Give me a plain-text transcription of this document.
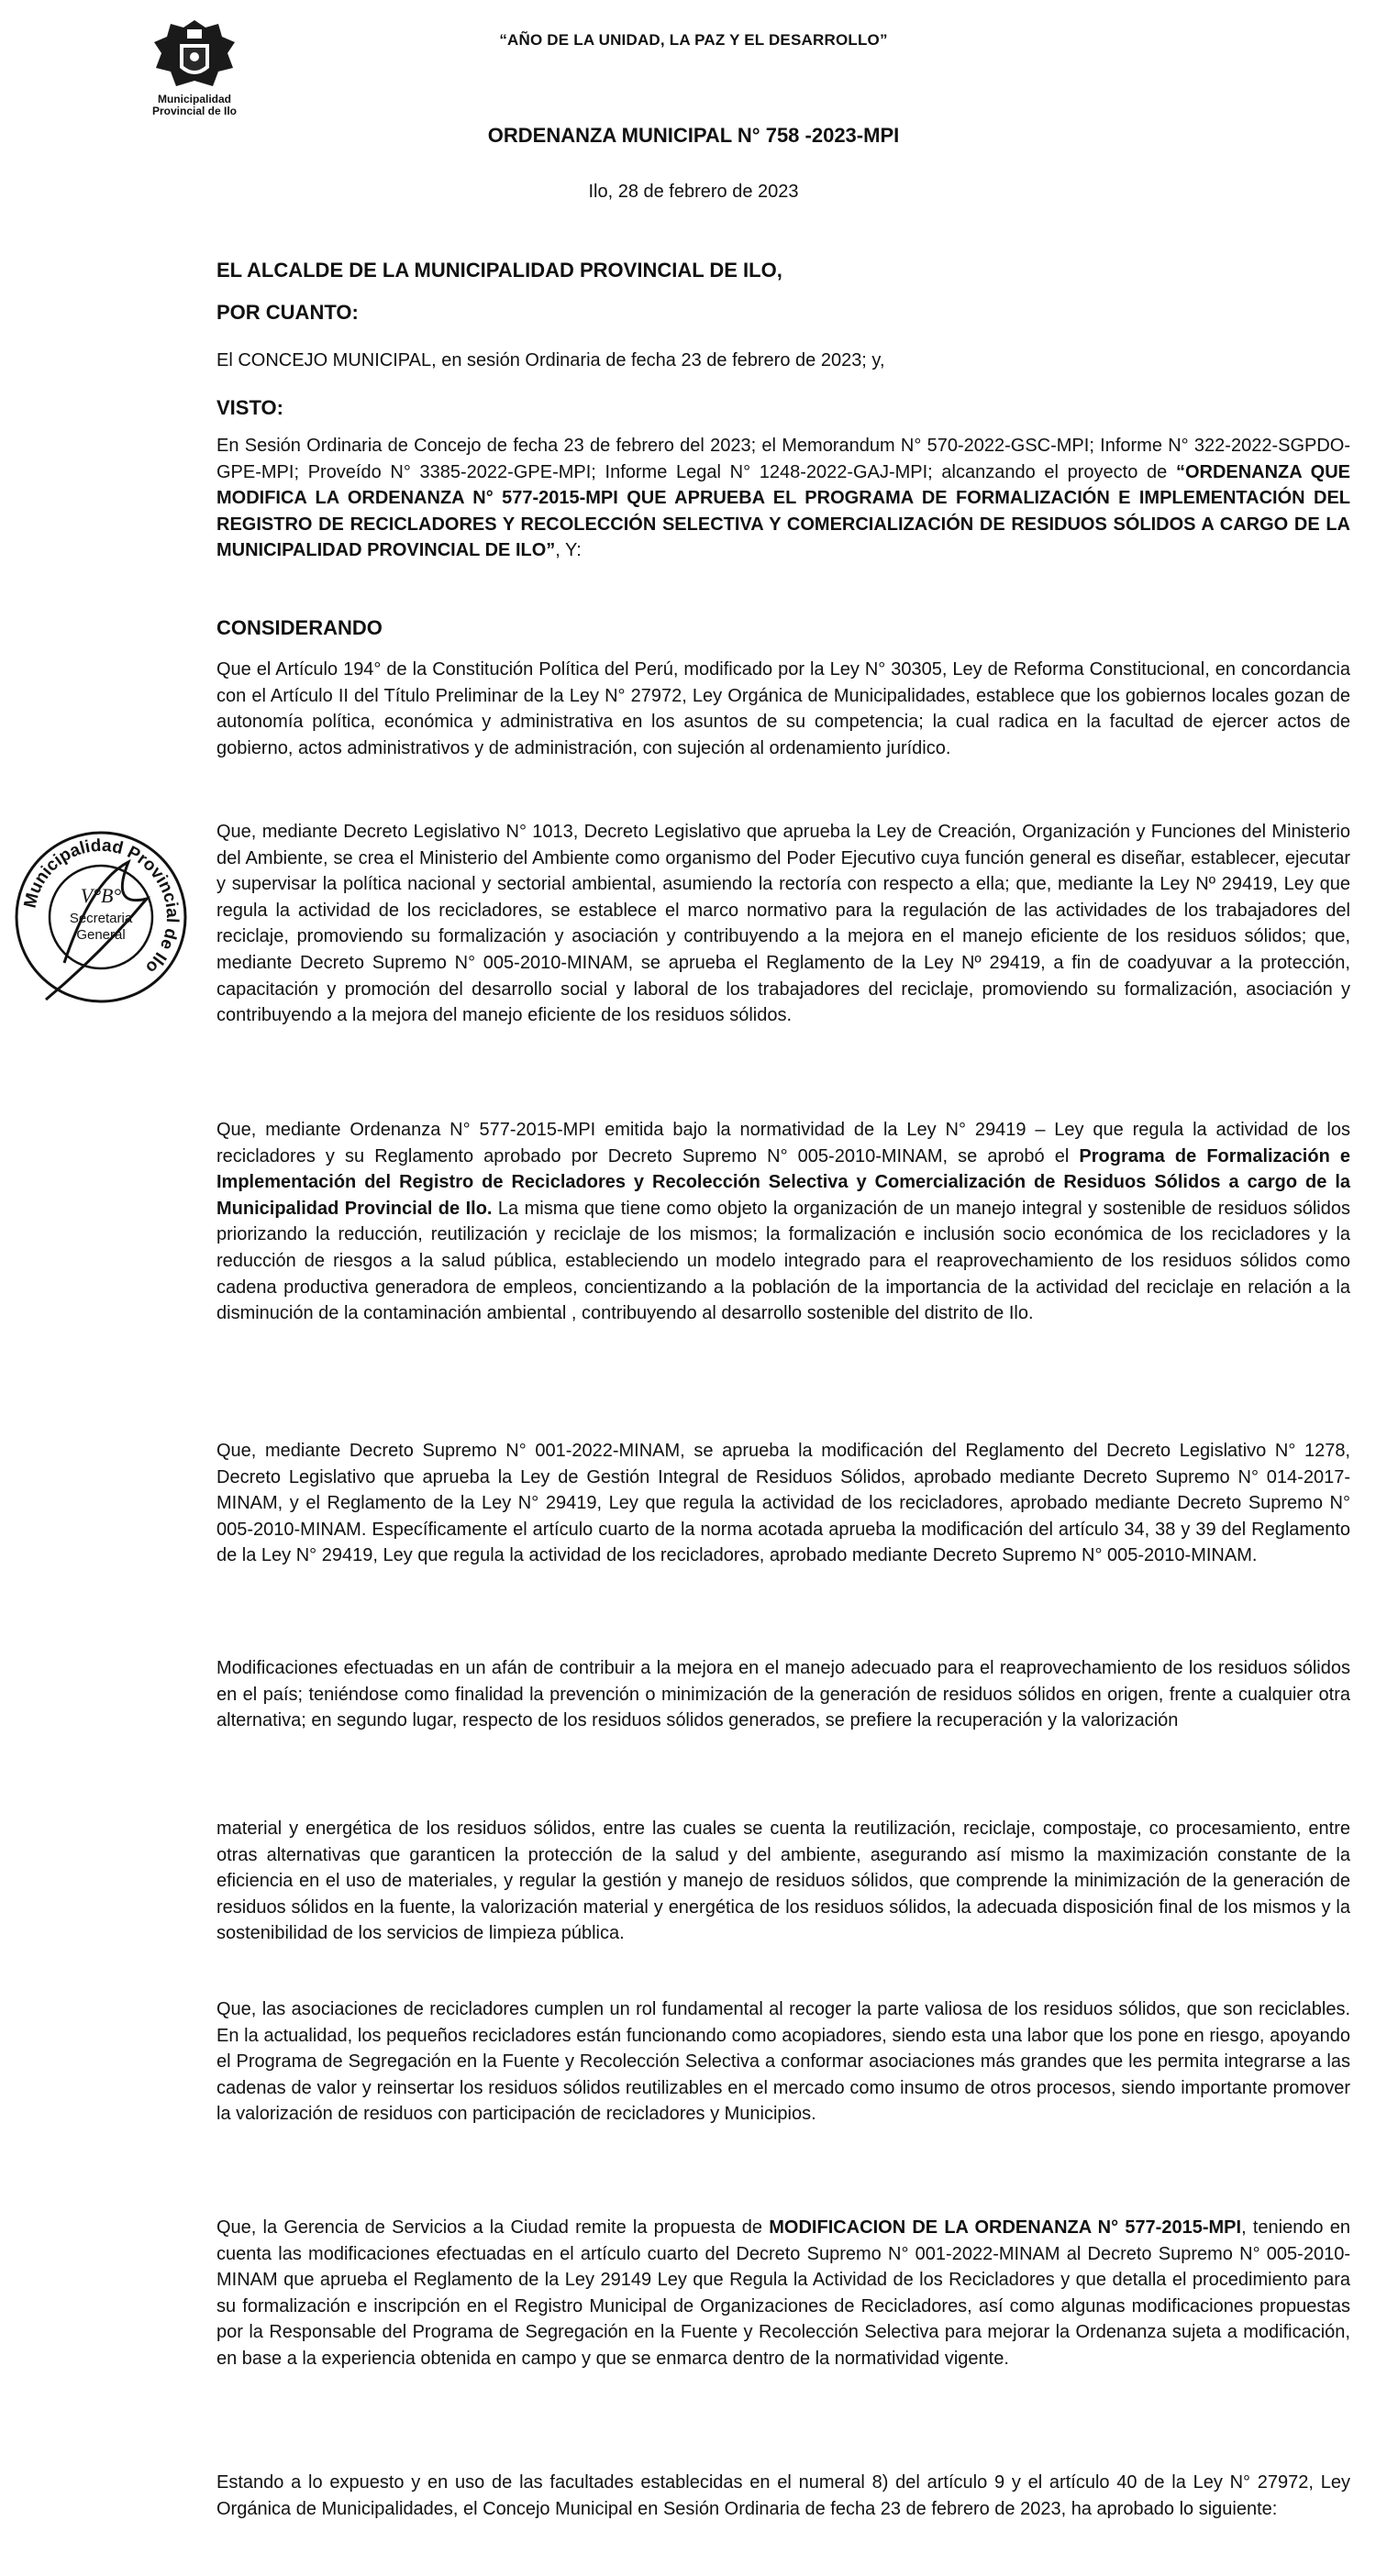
Municipalidad
Provincial de Ilo
“AÑO DE LA UNIDAD, LA PAZ Y EL DESARROLLO”
ORDENANZA MUNICIPAL N° 758 -2023-MPI
Ilo, 28 de febrero de 2023
EL ALCALDE DE LA MUNICIPALIDAD PROVINCIAL DE ILO,
POR CUANTO:
El CONCEJO MUNICIPAL, en sesión Ordinaria de fecha 23 de febrero de 2023; y,
VISTO:
En Sesión Ordinaria de Concejo de fecha 23 de febrero del 2023; el Memorandum N° 570-2022-GSC-MPI; Informe N° 322-2022-SGPDO-GPE-MPI; Proveído N° 3385-2022-GPE-MPI; Informe Legal N° 1248-2022-GAJ-MPI; alcanzando el proyecto de “ORDENANZA QUE MODIFICA LA ORDENANZA N° 577-2015-MPI QUE APRUEBA EL PROGRAMA DE FORMALIZACIÓN E IMPLEMENTACIÓN DEL REGISTRO DE RECICLADORES Y RECOLECCIÓN SELECTIVA Y COMERCIALIZACIÓN DE RESIDUOS SÓLIDOS A CARGO DE LA MUNICIPALIDAD PROVINCIAL DE ILO”, Y:
CONSIDERANDO
Que el Artículo 194° de la Constitución Política del Perú, modificado por la Ley N° 30305, Ley de Reforma Constitucional, en concordancia con el Artículo II del Título Preliminar de la Ley N° 27972, Ley Orgánica de Municipalidades, establece que los gobiernos locales gozan de autonomía política, económica y administrativa en los asuntos de su competencia; la cual radica en la facultad de ejercer actos de gobierno, actos administrativos y de administración, con sujeción al ordenamiento jurídico.
Que, mediante Decreto Legislativo N° 1013, Decreto Legislativo que aprueba la Ley de Creación, Organización y Funciones del Ministerio del Ambiente, se crea el Ministerio del Ambiente como organismo del Poder Ejecutivo cuya función general es diseñar, establecer, ejecutar y supervisar la política nacional y sectorial ambiental, asumiendo la rectoría con respecto a ella; que, mediante la Ley Nº 29419, Ley que regula la actividad de los recicladores, se establece el marco normativo para la regulación de las actividades de los trabajadores del reciclaje, promoviendo su formalización y asociación y contribuyendo a la mejora en el manejo eficiente de los residuos sólidos; que, mediante Decreto Supremo N° 005-2010-MINAM, se aprueba el Reglamento de la Ley Nº 29419, a fin de coadyuvar a la protección, capacitación y promoción del desarrollo social y laboral de los trabajadores del reciclaje, promoviendo su formalización, asociación y contribuyendo a la mejora del manejo eficiente de los residuos sólidos.
Que, mediante Ordenanza N° 577-2015-MPI emitida bajo la normatividad de la Ley N° 29419 – Ley que regula la actividad de los recicladores y su Reglamento aprobado por Decreto Supremo N° 005-2010-MINAM, se aprobó el Programa de Formalización e Implementación del Registro de Recicladores y Recolección Selectiva y Comercialización de Residuos Sólidos a cargo de la Municipalidad Provincial de Ilo. La misma que tiene como objeto la organización de un manejo integral y sostenible de residuos sólidos priorizando la reducción, reutilización y reciclaje de los mismos; la formalización e inclusión socio económica de los recicladores y la reducción de riesgos a la salud pública, estableciendo un modelo integrado para el reaprovechamiento de los residuos sólidos como cadena productiva generadora de empleos, concientizando a la población de la importancia de la actividad del reciclaje en relación a la disminución de la contaminación ambiental , contribuyendo al desarrollo sostenible del distrito de Ilo.
Que, mediante Decreto Supremo N° 001-2022-MINAM, se aprueba la modificación del Reglamento del Decreto Legislativo N° 1278, Decreto Legislativo que aprueba la Ley de Gestión Integral de Residuos Sólidos, aprobado mediante Decreto Supremo N° 014-2017-MINAM, y el Reglamento de la Ley N° 29419, Ley que regula la actividad de los recicladores, aprobado mediante Decreto Supremo N° 005-2010-MINAM. Específicamente el artículo cuarto de la norma acotada aprueba la modificación del artículo 34, 38 y 39 del Reglamento de la Ley N° 29419, Ley que regula la actividad de los recicladores, aprobado mediante Decreto Supremo N° 005-2010-MINAM.
Modificaciones efectuadas en un afán de contribuir a la mejora en el manejo adecuado para el reaprovechamiento de los residuos sólidos en el país; teniéndose como finalidad la prevención o minimización de la generación de residuos sólidos en origen, frente a cualquier otra alternativa; en segundo lugar, respecto de los residuos sólidos generados, se prefiere la recuperación y la valorización
material y energética de los residuos sólidos, entre las cuales se cuenta la reutilización, reciclaje, compostaje, co procesamiento, entre otras alternativas que garanticen la protección de la salud y del ambiente, asegurando así mismo la maximización constante de la eficiencia en el uso de materiales, y regular la gestión y manejo de residuos sólidos, que comprende la minimización de la generación de residuos sólidos en la fuente, la valorización material y energética de los residuos sólidos, la adecuada disposición final de los mismos y la sostenibilidad de los servicios de limpieza pública.
Que, las asociaciones de recicladores cumplen un rol fundamental al recoger la parte valiosa de los residuos sólidos, que son reciclables. En la actualidad, los pequeños recicladores están funcionando como acopiadores, siendo esta una labor que los pone en riesgo, apoyando el Programa de Segregación en la Fuente y Recolección Selectiva a conformar asociaciones más grandes que les permita integrarse a las cadenas de valor y reinsertar los residuos sólidos reutilizables en el mercado como insumo de otros procesos, siendo importante promover la valorización de residuos con participación de recicladores y Municipios.
Que, la Gerencia de Servicios a la Ciudad remite la propuesta de MODIFICACION DE LA ORDENANZA N° 577-2015-MPI, teniendo en cuenta las modificaciones efectuadas en el artículo cuarto del Decreto Supremo N° 001-2022-MINAM al Decreto Supremo N° 005-2010-MINAM que aprueba el Reglamento de la Ley 29149 Ley que Regula la Actividad de los Recicladores y que detalla el procedimiento para su formalización e inscripción en el Registro Municipal de Organizaciones de Recicladores, así como algunas modificaciones propuestas por la Responsable del Programa de Segregación en la Fuente y Recolección Selectiva para mejorar la Ordenanza sujeta a modificación, en base a la experiencia obtenida en campo y que se enmarca dentro de la normatividad vigente.
Estando a lo expuesto y en uso de las facultades establecidas en el numeral 8) del artículo 9 y el artículo 40 de la Ley N° 27972, Ley Orgánica de Municipalidades, el Concejo Municipal en Sesión Ordinaria de fecha 23 de febrero de 2023, ha aprobado lo siguiente:
Municipalidad Provincial de Ilo
V°B°
Secretaria
General
